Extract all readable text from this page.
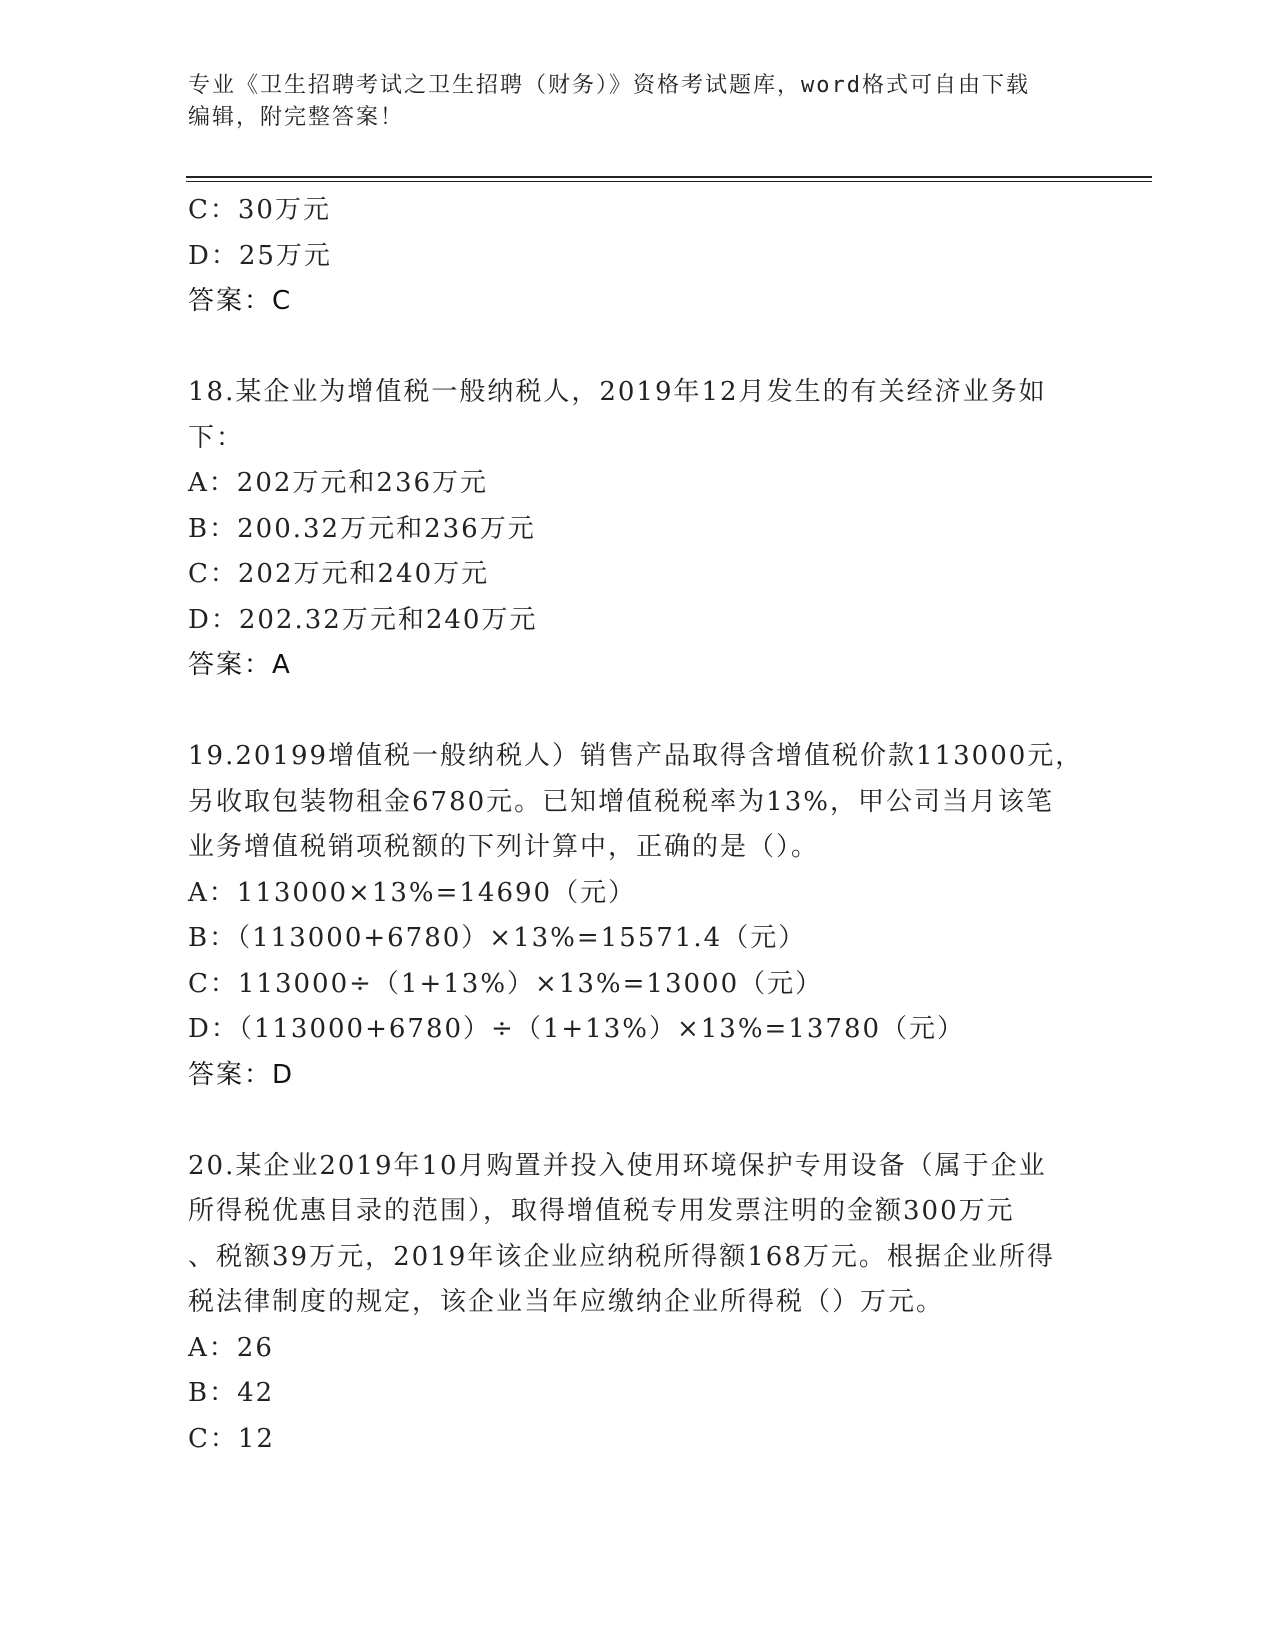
专业《卫生招聘考试之卫生招聘（财务）》资格考试题库，word格式可自由下载
编辑，附完整答案！
C：30万元
D：25万元
答案：C
18.某企业为增值税一般纳税人，2019年12月发生的有关经济业务如
下：
A：202万元和236万元
B：200.32万元和236万元
C：202万元和240万元
D：202.32万元和240万元
答案：A
19.20199增值税一般纳税人）销售产品取得含增值税价款113000元，
另收取包装物租金6780元。已知增值税税率为13%，甲公司当月该笔
业务增值税销项税额的下列计算中，正确的是（）。
A：113000×13%=14690（元）
B：（113000+6780）×13%=15571.4（元）
C：113000÷（1+13%）×13%=13000（元）
D：（113000+6780）÷（1+13%）×13%=13780（元）
答案：D
20.某企业2019年10月购置并投入使用环境保护专用设备（属于企业
所得税优惠目录的范围），取得增值税专用发票注明的金额300万元
、税额39万元，2019年该企业应纳税所得额168万元。根据企业所得
税法律制度的规定，该企业当年应缴纳企业所得税（）万元。
A：26
B：42
C：12
